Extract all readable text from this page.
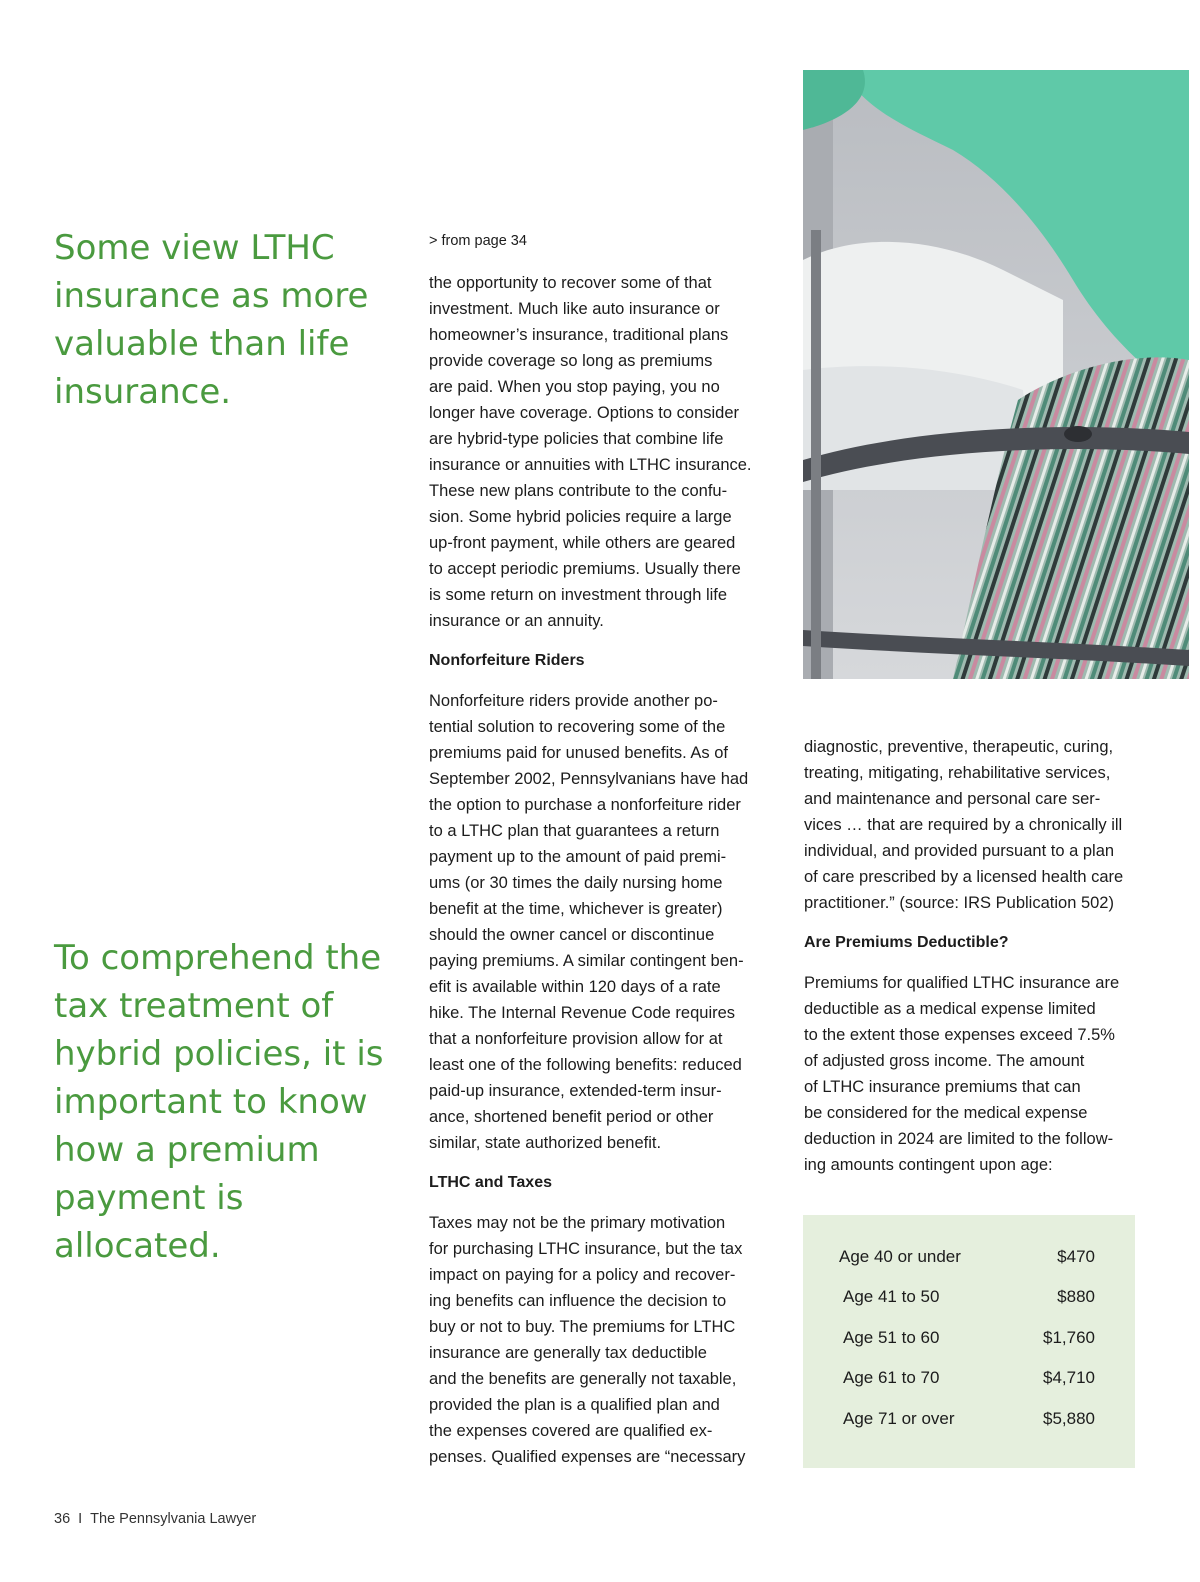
Some view LTHC insurance as more valuable than life insurance.

To comprehend the tax treatment of hybrid policies, it is important to know how a premium payment is allocated.

> from page 34

the opportunity to recover some of that
investment. Much like auto insurance or
homeowner’s insurance, traditional plans
provide coverage so long as premiums
are paid. When you stop paying, you no
longer have coverage. Options to consider
are hybrid-type policies that combine life
insurance or annuities with LTHC insurance.
These new plans contribute to the confu-
sion. Some hybrid policies require a large
up-front payment, while others are geared
to accept periodic premiums. Usually there
is some return on investment through life
insurance or an annuity.

Nonforfeiture Riders

Nonforfeiture riders provide another po-
tential solution to recovering some of the
premiums paid for unused benefits. As of
September 2002, Pennsylvanians have had
the option to purchase a nonforfeiture rider
to a LTHC plan that guarantees a return
payment up to the amount of paid premi-
ums (or 30 times the daily nursing home
benefit at the time, whichever is greater)
should the owner cancel or discontinue
paying premiums. A similar contingent ben-
efit is available within 120 days of a rate
hike. The Internal Revenue Code requires
that a nonforfeiture provision allow for at
least one of the following benefits: reduced
paid-up insurance, extended-term insur-
ance, shortened benefit period or other
similar, state authorized benefit.

LTHC and Taxes

Taxes may not be the primary motivation
for purchasing LTHC insurance, but the tax
impact on paying for a policy and recover-
ing benefits can influence the decision to
buy or not to buy. The premiums for LTHC
insurance are generally tax deductible
and the benefits are generally not taxable,
provided the plan is a qualified plan and
the expenses covered are qualified ex-
penses. Qualified expenses are “necessary

diagnostic, preventive, therapeutic, curing,
treating, mitigating, rehabilitative services,
and maintenance and personal care ser-
vices … that are required by a chronically ill
individual, and provided pursuant to a plan
of care prescribed by a licensed health care
practitioner.” (source: IRS Publication 502)

Are Premiums Deductible?

Premiums for qualified LTHC insurance are
deductible as a medical expense limited
to the extent those expenses exceed 7.5%
of adjusted gross income. The amount
of LTHC insurance premiums that can
be considered for the medical expense
deduction in 2024 are limited to the follow-
ing amounts contingent upon age:

Age 40 or under	$470
Age 41 to 50	$880
Age 51 to 60	$1,760
Age 61 to 70	$4,710
Age 71 or over	$5,880
36 I The Pennsylvania Lawyer
